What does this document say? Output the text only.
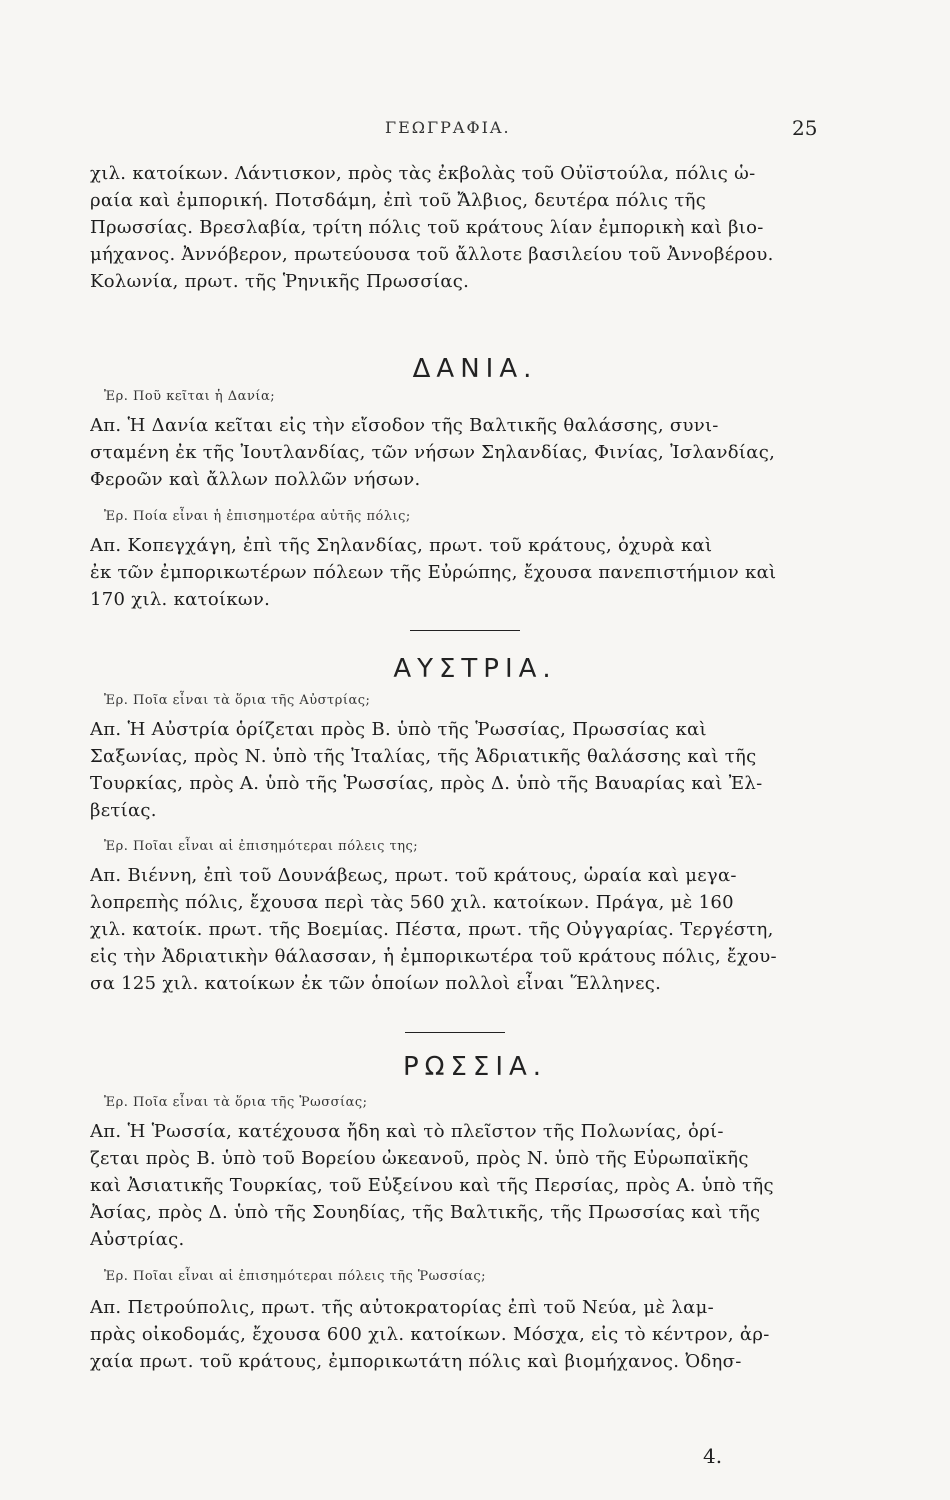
ΓΕΩΓΡΑΦΙΑ.	25
χιλ. κατοίκων. Λάντισκον, πρὸς τὰς ἐκβολὰς τοῦ Οὐϊστούλα, πόλις ὡ-
ραία καὶ ἐμπορική. Ποτσδάμη, ἐπὶ τοῦ Ἄλβιος, δευτέρα πόλις τῆς
Πρωσσίας. Βρεσλαβία, τρίτη πόλις τοῦ κράτους λίαν ἐμπορικὴ καὶ βιο-
μήχανος. Ἀννόβερον, πρωτεύουσα τοῦ ἄλλοτε βασιλείου τοῦ Ἀννοβέρου.
Κολωνία, πρωτ. τῆς Ῥηνικῆς Πρωσσίας.
ΔΑΝΙΑ.
Ἐρ. Ποῦ κεῖται ἡ Δανία;
Απ. Ἡ Δανία κεῖται εἰς τὴν εἴσοδον τῆς Βαλτικῆς θαλάσσης, συνι-
σταμένη ἐκ τῆς Ἰουτλανδίας, τῶν νήσων Σηλανδίας, Φινίας, Ἰσλανδίας,
Φεροῶν καὶ ἄλλων πολλῶν νήσων.
Ἐρ. Ποία εἶναι ἡ ἐπισημοτέρα αὐτῆς πόλις;
Απ. Κοπεγχάγη, ἐπὶ τῆς Σηλανδίας, πρωτ. τοῦ κράτους, ὀχυρὰ καὶ
ἐκ τῶν ἐμπορικωτέρων πόλεων τῆς Εὐρώπης, ἔχουσα πανεπιστήμιον καὶ
170 χιλ. κατοίκων.
ΑΥΣΤΡΙΑ.
Ἐρ. Ποῖα εἶναι τὰ ὅρια τῆς Αὐστρίας;
Απ. Ἡ Αὐστρία ὁρίζεται πρὸς Β. ὑπὸ τῆς Ῥωσσίας, Πρωσσίας καὶ
Σαξωνίας, πρὸς Ν. ὑπὸ τῆς Ἰταλίας, τῆς Ἀδριατικῆς θαλάσσης καὶ τῆς
Τουρκίας, πρὸς Α. ὑπὸ τῆς Ῥωσσίας, πρὸς Δ. ὑπὸ τῆς Βαυαρίας καὶ Ἐλ-
βετίας.
Ἐρ. Ποῖαι εἶναι αἱ ἐπισημότεραι πόλεις της;
Απ. Βιέννη, ἐπὶ τοῦ Δουνάβεως, πρωτ. τοῦ κράτους, ὡραία καὶ μεγα-
λοπρεπὴς πόλις, ἔχουσα περὶ τὰς 560 χιλ. κατοίκων. Πράγα, μὲ 160
χιλ. κατοίκ. πρωτ. τῆς Βοεμίας. Πέστα, πρωτ. τῆς Οὐγγαρίας. Τεργέστη,
εἰς τὴν Ἀδριατικὴν θάλασσαν, ἡ ἐμπορικωτέρα τοῦ κράτους πόλις, ἔχου-
σα 125 χιλ. κατοίκων ἐκ τῶν ὁποίων πολλοὶ εἶναι Ἕλληνες.
ΡΩΣΣΙΑ.
Ἐρ. Ποῖα εἶναι τὰ ὅρια τῆς Ῥωσσίας;
Απ. Ἡ Ῥωσσία, κατέχουσα ἤδη καὶ τὸ πλεῖστον τῆς Πολωνίας, ὁρί-
ζεται πρὸς Β. ὑπὸ τοῦ Βορείου ὠκεανοῦ, πρὸς Ν. ὑπὸ τῆς Εὐρωπαϊκῆς
καὶ Ἀσιατικῆς Τουρκίας, τοῦ Εὐξείνου καὶ τῆς Περσίας, πρὸς Α. ὑπὸ τῆς
Ἀσίας, πρὸς Δ. ὑπὸ τῆς Σουηδίας, τῆς Βαλτικῆς, τῆς Πρωσσίας καὶ τῆς
Αὐστρίας.
Ἐρ. Ποῖαι εἶναι αἱ ἐπισημότεραι πόλεις τῆς Ῥωσσίας;
Απ. Πετρούπολις, πρωτ. τῆς αὐτοκρατορίας ἐπὶ τοῦ Νεύα, μὲ λαμ-
πρὰς οἰκοδομάς, ἔχουσα 600 χιλ. κατοίκων. Μόσχα, εἰς τὸ κέντρον, ἀρ-
χαία πρωτ. τοῦ κράτους, ἐμπορικωτάτη πόλις καὶ βιομήχανος. Ὀδησ-
4.
